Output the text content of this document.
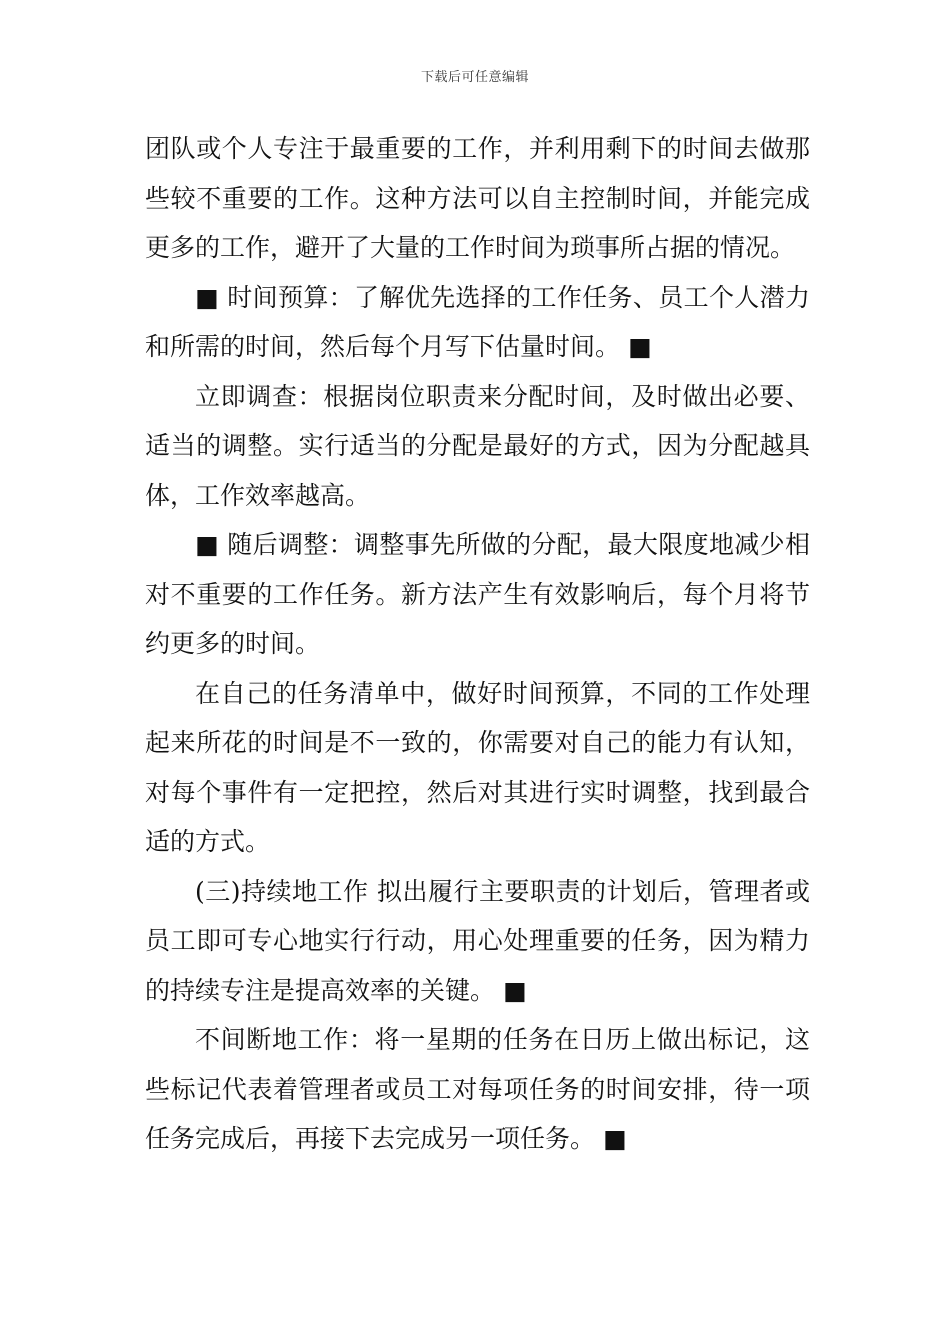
下载后可任意编辑

团队或个人专注于最重要的工作，并利用剩下的时间去做那些较不重要的工作。这种方法可以自主控制时间，并能完成更多的工作，避开了大量的工作时间为琐事所占据的情况。

■ 时间预算：了解优先选择的工作任务、员工个人潜力和所需的时间，然后每个月写下估量时间。 ■

立即调查：根据岗位职责来分配时间，及时做出必要、适当的调整。实行适当的分配是最好的方式，因为分配越具体，工作效率越高。

■ 随后调整：调整事先所做的分配，最大限度地减少相对不重要的工作任务。新方法产生有效影响后，每个月将节约更多的时间。

在自己的任务清单中，做好时间预算，不同的工作处理起来所花的时间是不一致的，你需要对自己的能力有认知，对每个事件有一定把控，然后对其进行实时调整，找到最合适的方式。

(三)持续地工作 拟出履行主要职责的计划后，管理者或员工即可专心地实行行动，用心处理重要的任务，因为精力的持续专注是提高效率的关键。 ■

不间断地工作：将一星期的任务在日历上做出标记，这些标记代表着管理者或员工对每项任务的时间安排，待一项任务完成后，再接下去完成另一项任务。 ■
